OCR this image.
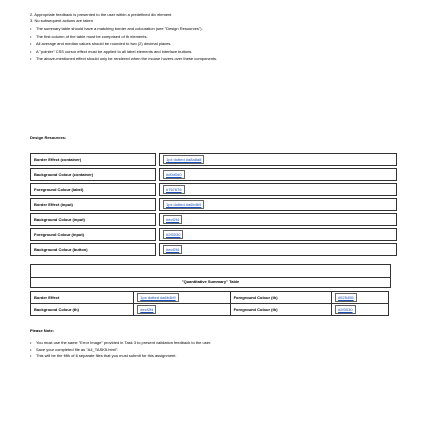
2. Appropriate feedback is presented to the user within a predefined div element
3. No subsequent actions are taken
• The summary table should have a matching border and colouration (see "Design Resources").
• The first column of the table must be comprised of th elements.
• All average and median values should be rounded to two (2) decimal places.
• A "pointer" CSS cursor effect must be applied to all label elements and interface buttons.
• The above-mentioned effect should only be rendered when the mouse hovers over these components.
Design Resources:
Border Effect (container)		1px dotted #a8a8a8
Background Colour (container)		#d0d0d0
Foreground Colour (label)		#767676
Border Effect (input)		1px dotted #a6b4b9
Background Colour (input)		#ecf2f4
Foreground Colour (input)		#2f3030
Background Colour (button)		#ecf2f4
"Quantitative Summary" Table
Border Effect	1px dotted #a6b4b9	Foreground Colour (th)	#525455
Background Colour (th)	#ecf2f4	Foreground Colour (th)	#2f3030
Please Note:
• You must use the same "Error Image" provided in Task 3 to present validation feedback to the user.
• Save your completed file as "A4_TASK5.html".
• This will be the fifth of 6 separate files that you must submit for this assignment.
